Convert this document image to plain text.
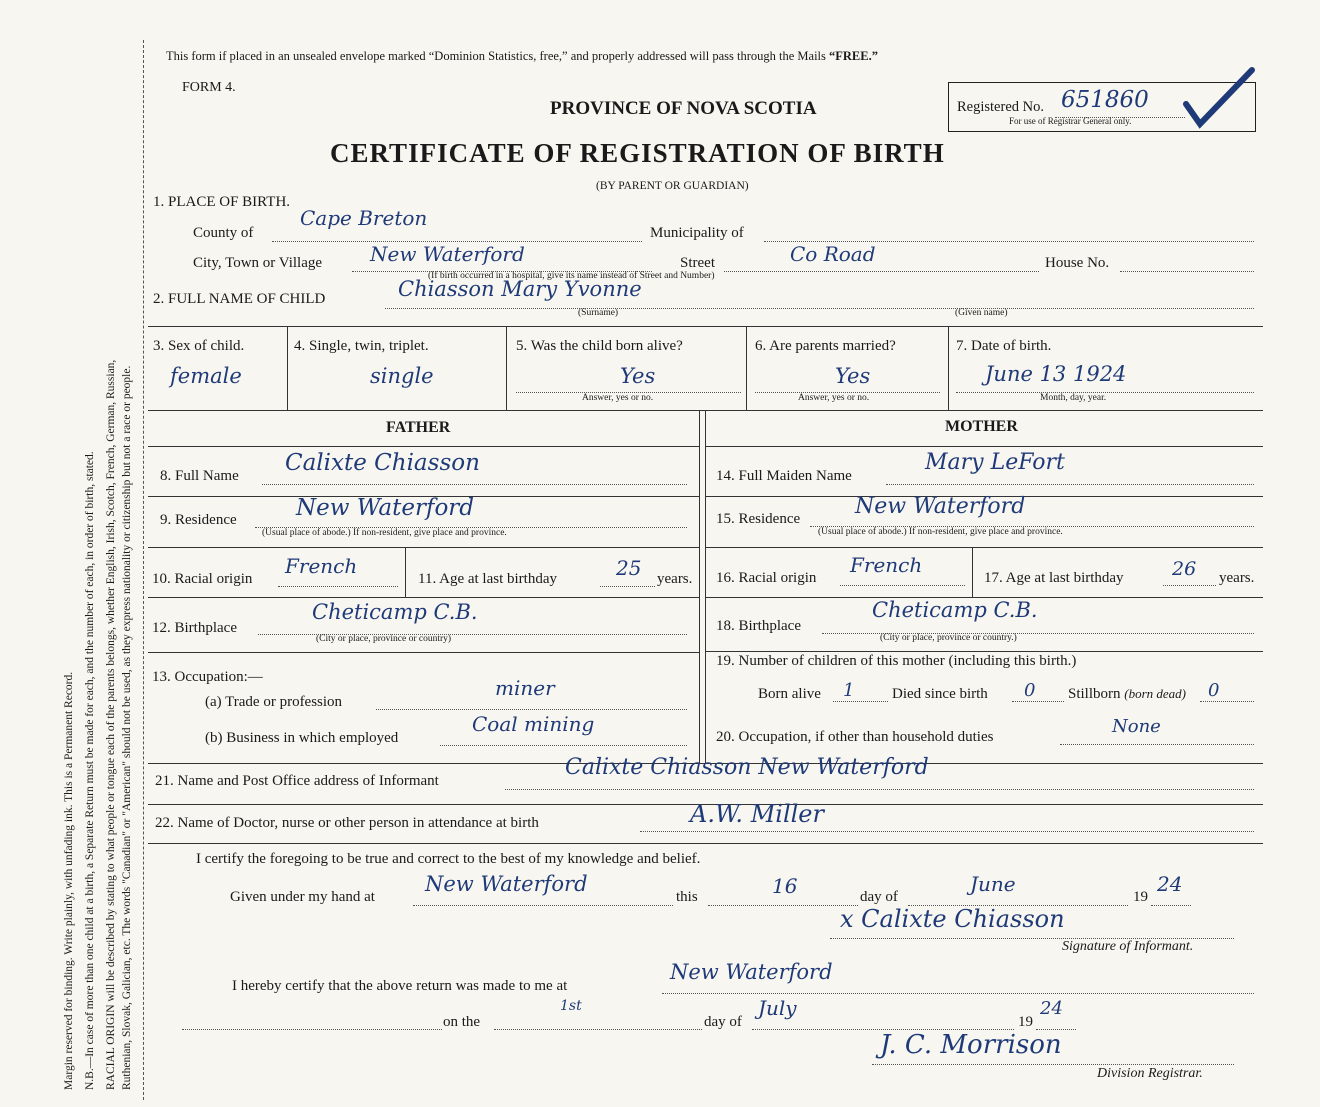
Margin reserved for binding. Write plainly, with unfading ink. This is a Permanent Record. N.B.—In case of more than one child at a birth, a Separate Return must be made for each, and the number of each, in order of birth, stated. RACIAL ORIGIN will be described by stating to what people or tongue each of the parents belongs, whether English, Irish, Scotch, French, German, Russian, Ruthenian, Slovak, Galician, etc. The words "Canadian" or "American" should not be used, as they express nationality or citizenship but not a race or people.
This form if placed in an unsealed envelope marked “Dominion Statistics, free,” and properly addressed will pass through the Mails “FREE.”
FORM 4.
PROVINCE OF NOVA SCOTIA
CERTIFICATE OF REGISTRATION OF BIRTH
(BY PARENT OR GUARDIAN)
Registered No. 651860
For use of Registrar General only.
1. PLACE OF BIRTH.
County of
Cape Breton
Municipality of
City, Town or Village New Waterford	Street	Co Road	House No.
(If birth occurred in a hospital, give its name instead of Street and Number)
2. FULL NAME OF CHILD	Chiasson Mary Yvonne
(Surname)	(Given name)
3. Sex of child.
female
4. Single, twin, triplet.
single
5. Was the child born alive?
Yes
Answer, yes or no.
6. Are parents married?
Yes
Answer, yes or no.
7. Date of birth.
June 13 1924
Month, day, year.
FATHER	MOTHER
8. Full Name Calixte Chiasson
9. Residence	New Waterford
(Usual place of abode.) If non-resident, give place and province.
10. Racial origin
French
11. Age at last birthday	25 years.
12. Birthplace
Cheticamp C.B.
(City or place, province or country)
13. Occupation:—
(a) Trade or profession
miner
(b) Business in which employed
Coal mining
14. Full Maiden Name
Mary LeFort
15. Residence New Waterford
(Usual place of abode.) If non-resident, give place and province.
16. Racial origin
French
17. Age at last birthday	26 years.
18. Birthplace
Cheticamp C.B.
(City or place, province or country.)
19. Number of children of this mother (including this birth.)
Born alive 1	Died since birth 0 Stillborn (born dead) 0
20. Occupation, if other than household duties	None
21. Name and Post Office address of Informant
Calixte Chiasson New Waterford
22. Name of Doctor, nurse or other person in attendance at birth	A.W. Miller
I certify the foregoing to be true and correct to the best of my knowledge and belief.
Given under my hand at
New Waterford
this	16	day of
June
19
24
x Calixte Chiasson
Signature of Informant.
I hereby certify that the above return was made to me at
New Waterford
on the
1st
day of
July
19
24
J. C. Morrison
Division Registrar.
